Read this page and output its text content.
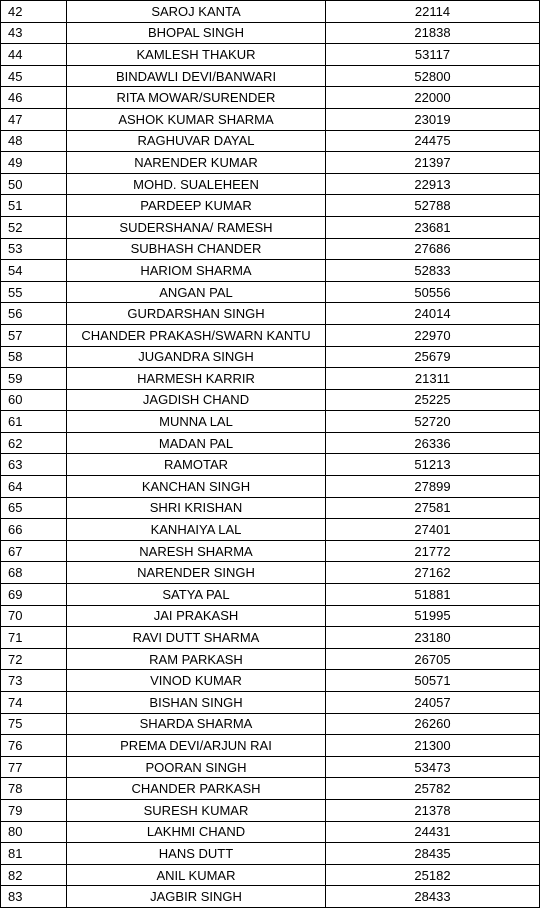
42	SAROJ KANTA	22114
43	BHOPAL SINGH	21838
44	KAMLESH THAKUR	53117
45	BINDAWLI DEVI/BANWARI	52800
46	RITA MOWAR/SURENDER	22000
47	ASHOK KUMAR SHARMA	23019
48	RAGHUVAR DAYAL	24475
49	NARENDER KUMAR	21397
50	MOHD. SUALEHEEN	22913
51	PARDEEP KUMAR	52788
52	SUDERSHANA/ RAMESH	23681
53	SUBHASH CHANDER	27686
54	HARIOM SHARMA	52833
55	ANGAN PAL	50556
56	GURDARSHAN SINGH	24014
57	CHANDER PRAKASH/SWARN KANTU	22970
58	JUGANDRA SINGH	25679
59	HARMESH KARRIR	21311
60	JAGDISH CHAND	25225
61	MUNNA LAL	52720
62	MADAN PAL	26336
63	RAMOTAR	51213
64	KANCHAN SINGH	27899
65	SHRI KRISHAN	27581
66	KANHAIYA LAL	27401
67	NARESH SHARMA	21772
68	NARENDER SINGH	27162
69	SATYA PAL	51881
70	JAI PRAKASH	51995
71	RAVI DUTT SHARMA	23180
72	RAM PARKASH	26705
73	VINOD KUMAR	50571
74	BISHAN SINGH	24057
75	SHARDA SHARMA	26260
76	PREMA DEVI/ARJUN RAI	21300
77	POORAN SINGH	53473
78	CHANDER PARKASH	25782
79	SURESH KUMAR	21378
80	LAKHMI CHAND	24431
81	HANS DUTT	28435
82	ANIL KUMAR	25182
83	JAGBIR SINGH	28433
